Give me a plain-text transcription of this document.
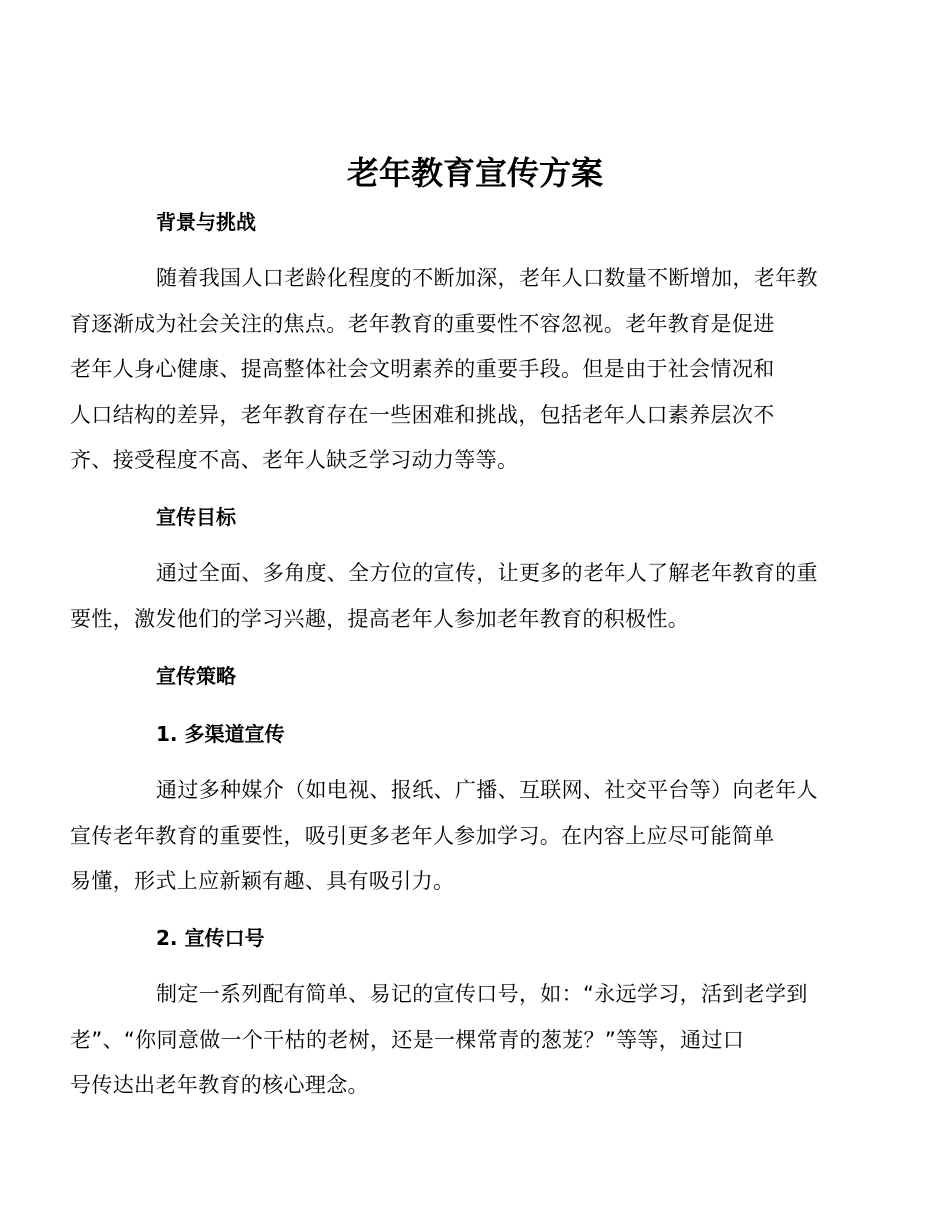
老年教育宣传方案
背景与挑战

随着我国人口老龄化程度的不断加深，老年人口数量不断增加，老年教
育逐渐成为社会关注的焦点。老年教育的重要性不容忽视。老年教育是促进
老年人身心健康、提高整体社会文明素养的重要手段。但是由于社会情况和
人口结构的差异，老年教育存在一些困难和挑战，包括老年人口素养层次不
齐、接受程度不高、老年人缺乏学习动力等等。

宣传目标

通过全面、多角度、全方位的宣传，让更多的老年人了解老年教育的重
要性，激发他们的学习兴趣，提高老年人参加老年教育的积极性。

宣传策略
1. 多渠道宣传

通过多种媒介（如电视、报纸、广播、互联网、社交平台等）向老年人
宣传老年教育的重要性，吸引更多老年人参加学习。在内容上应尽可能简单
易懂，形式上应新颖有趣、具有吸引力。

2. 宣传口号

制定一系列配有简单、易记的宣传口号，如：“永远学习，活到老学到
老”、“你同意做一个干枯的老树，还是一棵常青的葱茏？”等等，通过口
号传达出老年教育的核心理念。
